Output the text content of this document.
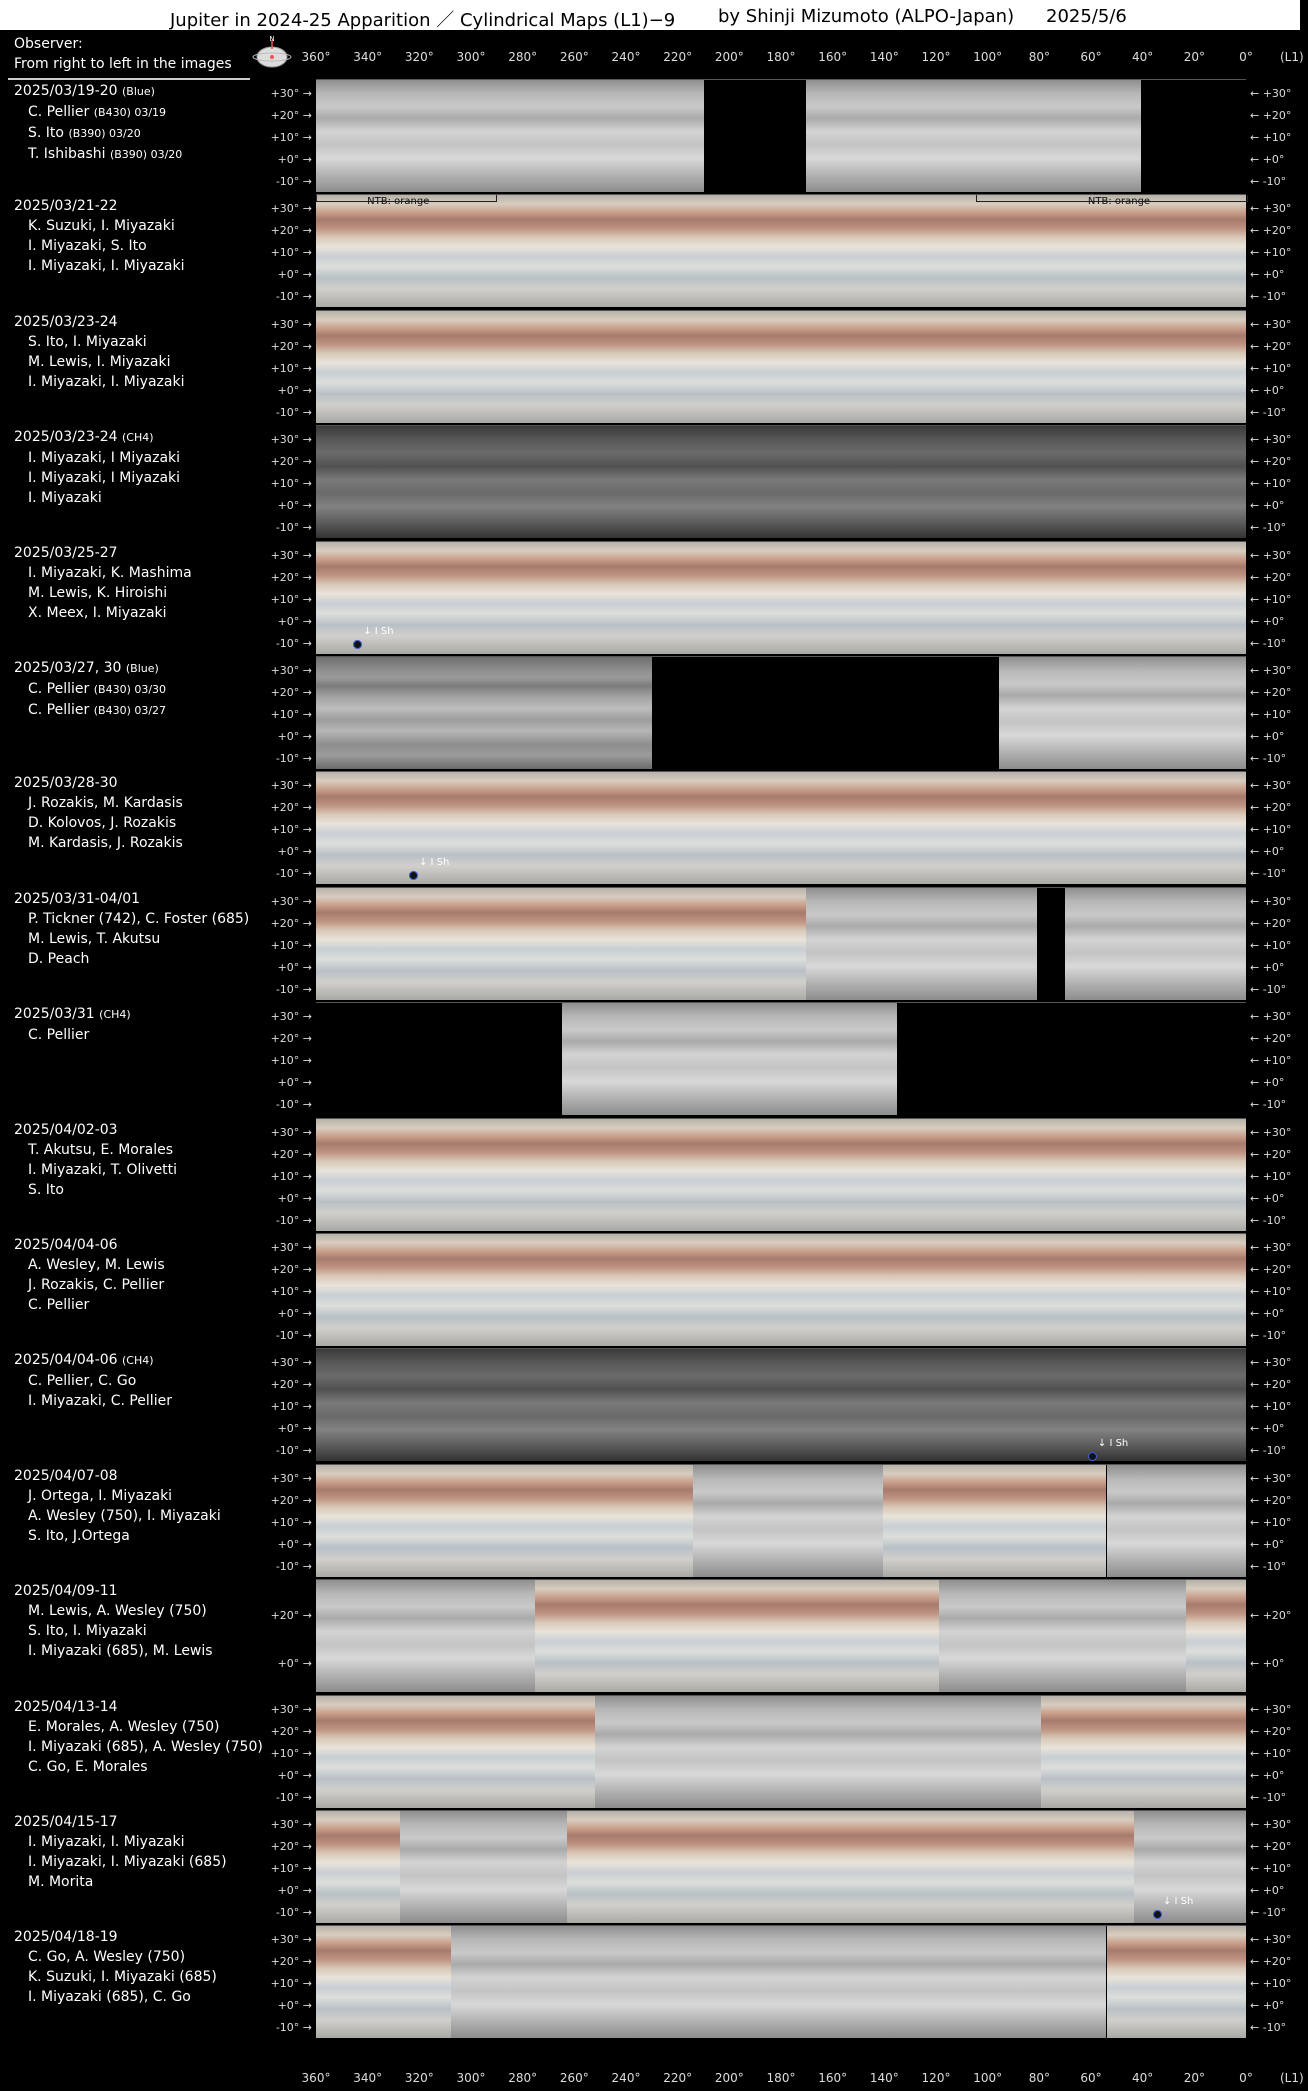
Jupiter in 2024-25 Apparition ／ Cylindrical Maps (L1)−9 by Shinji Mizumoto (ALPO-Japan) 2025/5/6
Observer:
From right to left in the images
N
360° 340° 320° 300° 280° 260° 240° 220° 200° 180° 160° 140° 120° 100° 80°	60°	40°	20°	0° (L1)
2025/03/19-20 (Blue)
C. Pellier (B430) 03/19
S. Ito (B390) 03/20
T. Ishibashi (B390) 03/20
+30° →
+20° →
+10° →
+0° →
-10° →
← +30°
← +20°
← +10°
← +0°
← -10°
2025/03/21-22
K. Suzuki, I. Miyazaki
I. Miyazaki, S. Ito
I. Miyazaki, I. Miyazaki
+30° →
+20° →
+10° →
+0° →
-10° →
← +30°
← +20°
← +10°
← +0°
← -10°
NTB: orange	NTB: orange
2025/03/23-24
S. Ito, I. Miyazaki
M. Lewis, I. Miyazaki
I. Miyazaki, I. Miyazaki
+30° →
+20° →
+10° →
+0° →
-10° →
← +30°
← +20°
← +10°
← +0°
← -10°
2025/03/23-24 (CH4)
I. Miyazaki, I Miyazaki
I. Miyazaki, I Miyazaki
I. Miyazaki
+30° →
+20° →
+10° →
+0° →
-10° →
← +30°
← +20°
← +10°
← +0°
← -10°
2025/03/25-27
I. Miyazaki, K. Mashima
M. Lewis, K. Hiroishi
X. Meex, I. Miyazaki
+30° →
+20° →
+10° →
+0° →
-10° →
← +30°
← +20°
← +10°
← +0°
← -10°
↓ I Sh
2025/03/27, 30 (Blue)
C. Pellier (B430) 03/30
C. Pellier (B430) 03/27
+30° →
+20° →
+10° →
+0° →
-10° →
← +30°
← +20°
← +10°
← +0°
← -10°
2025/03/28-30
J. Rozakis, M. Kardasis
D. Kolovos, J. Rozakis
M. Kardasis, J. Rozakis
+30° →
+20° →
+10° →
+0° →
-10° →
← +30°
← +20°
← +10°
← +0°
← -10°
↓ I Sh
2025/03/31-04/01
P. Tickner (742), C. Foster (685)
M. Lewis, T. Akutsu
D. Peach
+30° →
+20° →
+10° →
+0° →
-10° →
← +30°
← +20°
← +10°
← +0°
← -10°
2025/03/31 (CH4)
C. Pellier
+30° →
+20° →
+10° →
+0° →
-10° →
← +30°
← +20°
← +10°
← +0°
← -10°
2025/04/02-03
T. Akutsu, E. Morales
I. Miyazaki, T. Olivetti
S. Ito
+30° →
+20° →
+10° →
+0° →
-10° →
← +30°
← +20°
← +10°
← +0°
← -10°
2025/04/04-06
A. Wesley, M. Lewis
J. Rozakis, C. Pellier
C. Pellier
+30° →
+20° →
+10° →
+0° →
-10° →
← +30°
← +20°
← +10°
← +0°
← -10°
2025/04/04-06 (CH4)
C. Pellier, C. Go
I. Miyazaki, C. Pellier
+30° →
+20° →
+10° →
+0° →
-10° →
← +30°
← +20°
← +10°
← +0°
← -10°
↓ I Sh
2025/04/07-08
J. Ortega, I. Miyazaki
A. Wesley (750), I. Miyazaki
S. Ito, J.Ortega
+30° →
+20° →
+10° →
+0° →
-10° →
← +30°
← +20°
← +10°
← +0°
← -10°
2025/04/09-11
M. Lewis, A. Wesley (750)
S. Ito, I. Miyazaki
I. Miyazaki (685), M. Lewis
+20° →
+0° →
← +20°
← +0°
2025/04/13-14
E. Morales, A. Wesley (750)
I. Miyazaki (685), A. Wesley (750)
C. Go, E. Morales
+30° →
+20° →
+10° →
+0° →
-10° →
← +30°
← +20°
← +10°
← +0°
← -10°
2025/04/15-17
I. Miyazaki, I. Miyazaki
I. Miyazaki, I. Miyazaki (685)
M. Morita
+30° →
+20° →
+10° →
+0° →
-10° →
← +30°
← +20°
← +10°
← +0°
← -10°
↓ I Sh
2025/04/18-19
C. Go, A. Wesley (750)
K. Suzuki, I. Miyazaki (685)
I. Miyazaki (685), C. Go
+30° →
+20° →
+10° →
+0° →
-10° →
← +30°
← +20°
← +10°
← +0°
← -10°
360° 340° 320° 300° 280° 260° 240° 220° 200° 180° 160° 140° 120° 100° 80°	60°	40°	20°	0° (L1)
